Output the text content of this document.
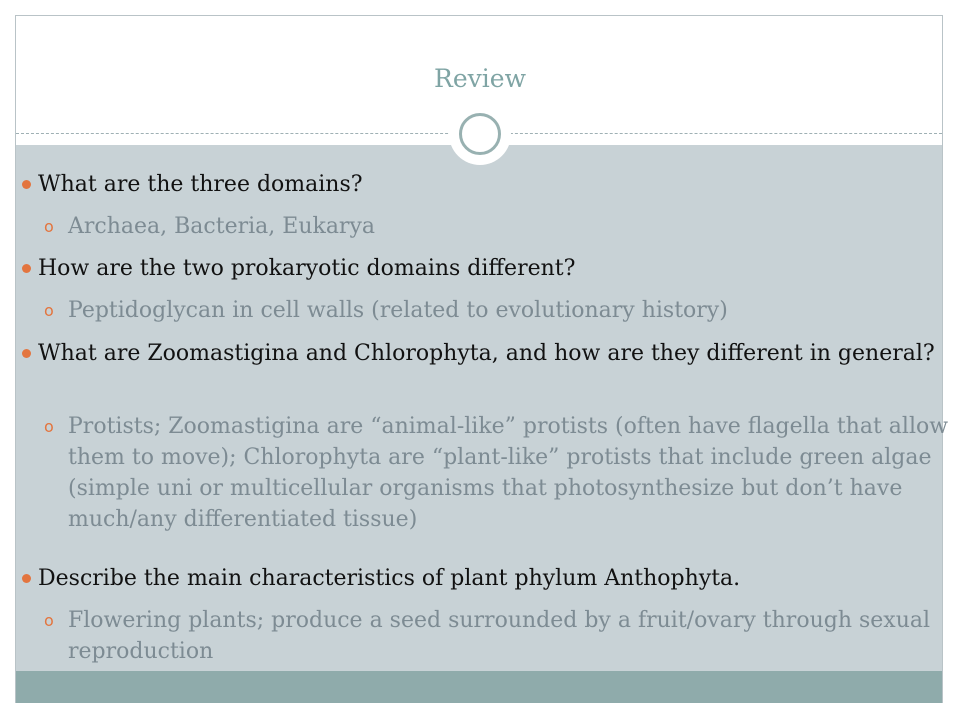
Review
What are the three domains?
o Archaea, Bacteria, Eukarya
How are the two prokaryotic domains different?
o Peptidoglycan in cell walls (related to evolutionary history)
What are Zoomastigina and Chlorophyta, and how are they different in general?
o Protists; Zoomastigina are “animal-like” protists (often have flagella that allow them to move); Chlorophyta are “plant-like” protists that include green algae (simple uni or multicellular organisms that photosynthesize but don’t have much/any differentiated tissue)
Describe the main characteristics of plant phylum Anthophyta.
o Flowering plants; produce a seed surrounded by a fruit/ovary through sexual reproduction
